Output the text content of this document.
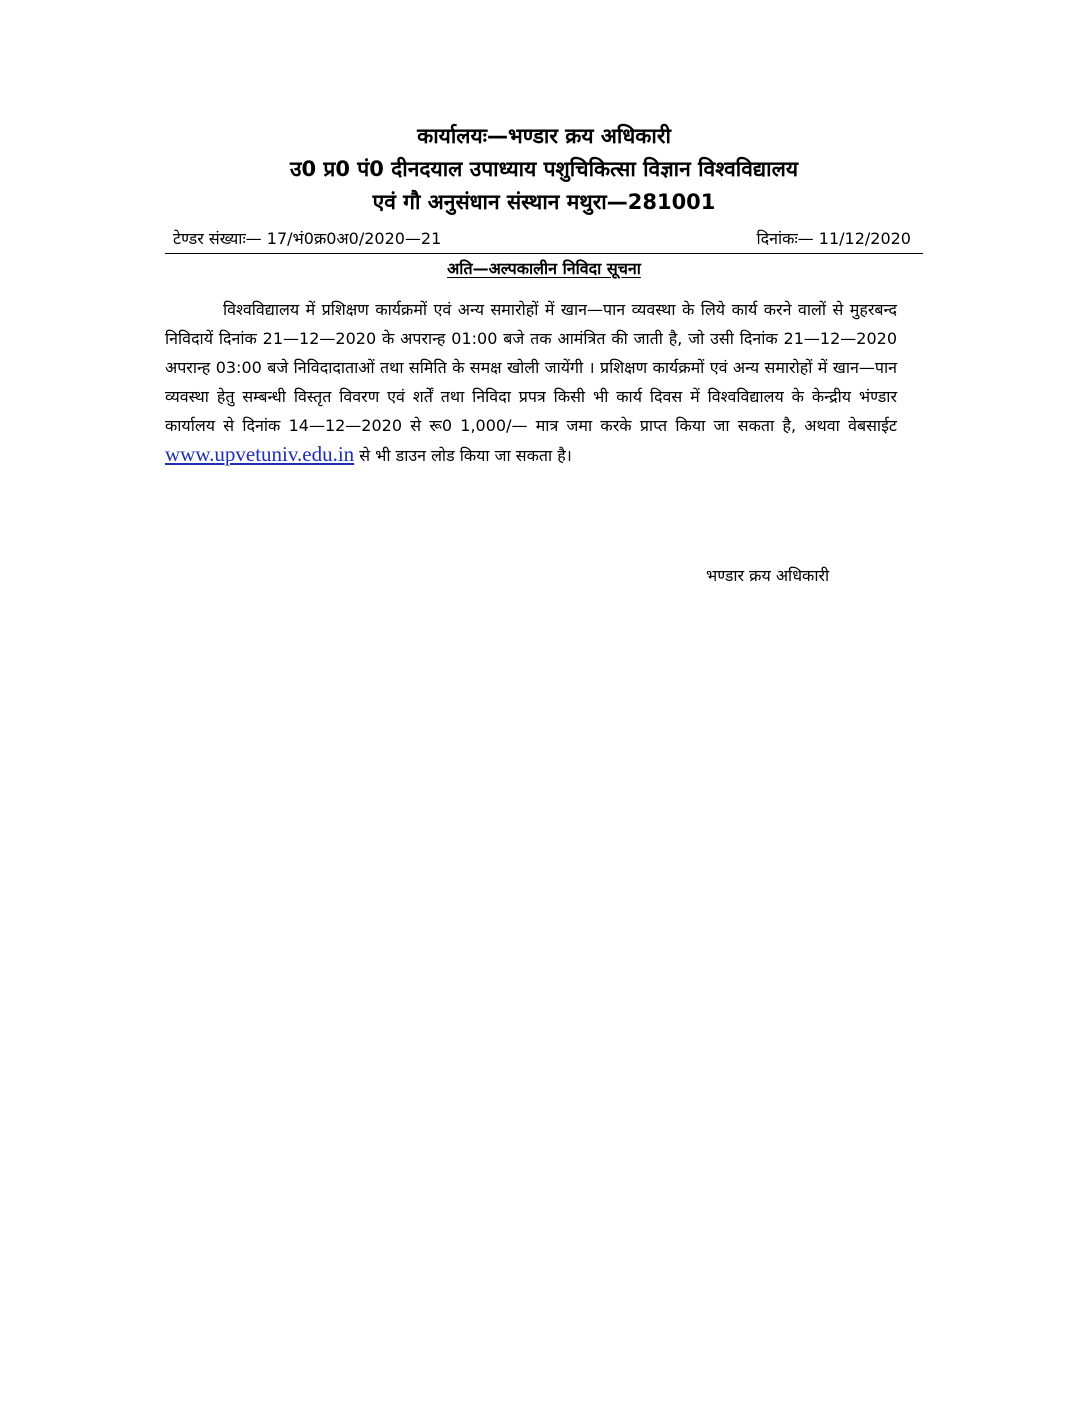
कार्यालयः—भण्डार क्रय अधिकारी
उ0 प्र0 पं0 दीनदयाल उपाध्याय पशुचिकित्सा विज्ञान विश्वविद्यालय
एवं गौ अनुसंधान संस्थान मथुरा—281001
टेण्डर संख्याः— 17/भं0क्र0अ0/2020—21	दिनांकः— 11/12/2020
अति—अल्पकालीन निविदा सूचना
विश्वविद्यालय में प्रशिक्षण कार्यक्रमों एवं अन्य समारोहों में खान—पान व्यवस्था के लिये कार्य करने वालों से मुहरबन्द निविदायें दिनांक 21—12—2020 के अपरान्ह 01:00 बजे तक आमंत्रित की जाती है, जो उसी दिनांक 21—12—2020 अपरान्ह 03:00 बजे निविदादाताओं तथा समिति के समक्ष खोली जायेंगी । प्रशिक्षण कार्यक्रमों एवं अन्य समारोहों में खान—पान व्यवस्था हेतु सम्बन्धी विस्तृत विवरण एवं शर्तें तथा निविदा प्रपत्र किसी भी कार्य दिवस में विश्वविद्यालय के केन्द्रीय भंण्डार कार्यालय से दिनांक 14—12—2020 से रू0 1,000/— मात्र जमा करके प्राप्त किया जा सकता है, अथवा वेबसाईट www.upvetuniv.edu.in से भी डाउन लोड किया जा सकता है।
भण्डार क्रय अधिकारी
